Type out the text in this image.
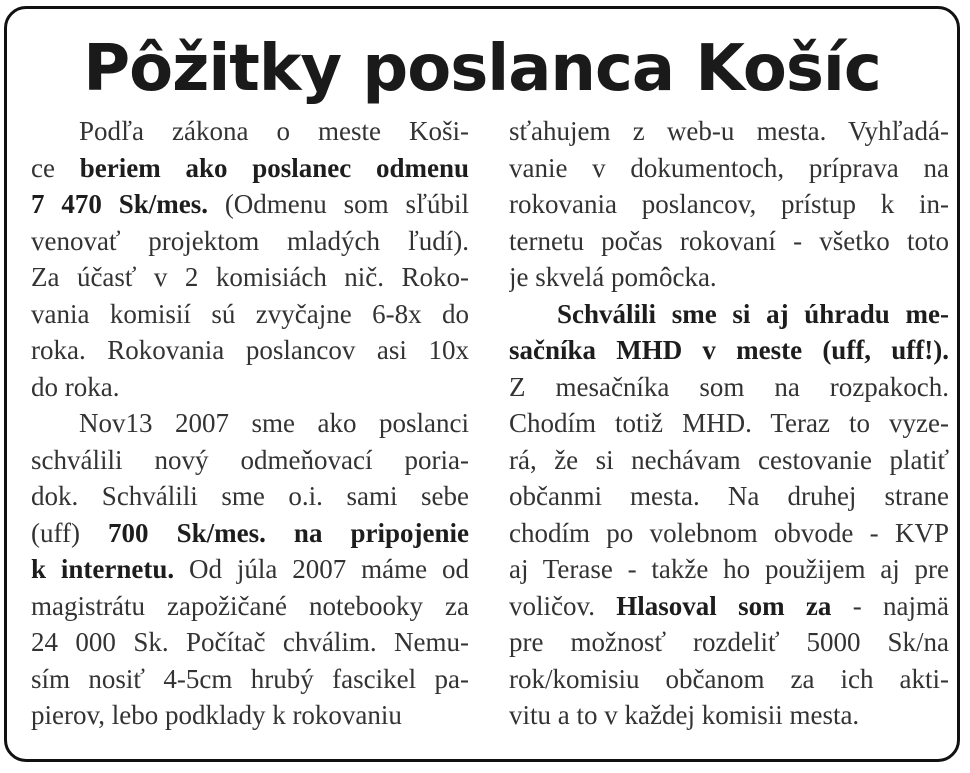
Pôžitky poslanca Košíc
Podľa zákona o meste Koši-
ce beriem ako poslanec odmenu
7 470 Sk/mes. (Odmenu som sľúbil
venovať projektom mladých ľudí).
Za účasť v 2 komisiách nič. Roko-
vania komisií sú zvyčajne 6-8x do
roka. Rokovania poslancov asi 10x
do roka.
Nov13 2007 sme ako poslanci
schválili nový odmeňovací poria-
dok. Schválili sme o.i. sami sebe
(uff) 700 Sk/mes. na pripojenie
k internetu. Od júla 2007 máme od
magistrátu zapožičané notebooky za
24 000 Sk. Počítač chválim. Nemu-
sím nosiť 4-5cm hrubý fascikel pa-
pierov, lebo podklady k rokovaniu
sťahujem z web-u mesta. Vyhľadá-
vanie v dokumentoch, príprava na
rokovania poslancov, prístup k in-
ternetu počas rokovaní - všetko toto
je skvelá pomôcka.
Schválili sme si aj úhradu me-
sačníka MHD v meste (uff, uff!).
Z mesačníka som na rozpakoch.
Chodím totiž MHD. Teraz to vyze-
rá, že si nechávam cestovanie platiť
občanmi mesta. Na druhej strane
chodím po volebnom obvode - KVP
aj Terase - takže ho použijem aj pre
voličov. Hlasoval som za - najmä
pre možnosť rozdeliť 5000 Sk/na
rok/komisiu občanom za ich akti-
vitu a to v každej komisii mesta.
